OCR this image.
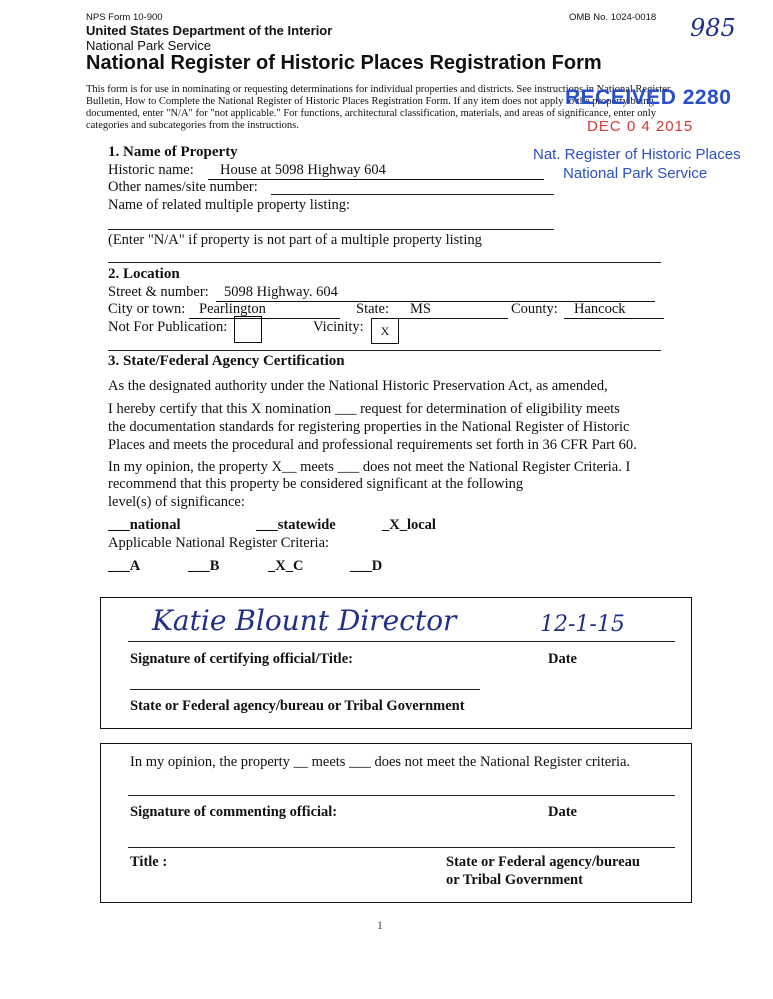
NPS Form 10-900	OMB No. 1024-0018 985
United States Department of the Interior
National Park Service
National Register of Historic Places Registration Form
This form is for use in nominating or requesting determinations for individual properties and districts. See instructions in National Register
Bulletin, How to Complete the National Register of Historic Places Registration Form. If any item does not apply to the property being
documented, enter "N/A" for "not applicable." For functions, architectural classification, materials, and areas of significance, enter only
categories and subcategories from the instructions.
RECEIVED 2280
DEC 0 4 2015
Nat. Register of Historic Places
National Park Service
1. Name of Property
Historic name:	House at 5098 Highway 604
Other names/site number:
Name of related multiple property listing:
(Enter "N/A" if property is not part of a multiple property listing
2. Location
Street & number:	5098 Highway. 604
City or town: Pearlington	State:	MS	County:	Hancock
Not For Publication:	Vicinity:	X
3. State/Federal Agency Certification
As the designated authority under the National Historic Preservation Act, as amended,
I hereby certify that this X nomination ___ request for determination of eligibility meets
the documentation standards for registering properties in the National Register of Historic
Places and meets the procedural and professional requirements set forth in 36 CFR Part 60.
In my opinion, the property X__ meets ___ does not meet the National Register Criteria. I
recommend that this property be considered significant at the following
level(s) of significance:
___national	___statewide	_X_local
Applicable National Register Criteria:
___A	___B	_X_C	___D
Katie Blount Director	12-1-15
Signature of certifying official/Title:	Date
State or Federal agency/bureau or Tribal Government
In my opinion, the property __ meets ___ does not meet the National Register criteria.
Signature of commenting official:	Date
Title :	State or Federal agency/bureau
or Tribal Government
1
